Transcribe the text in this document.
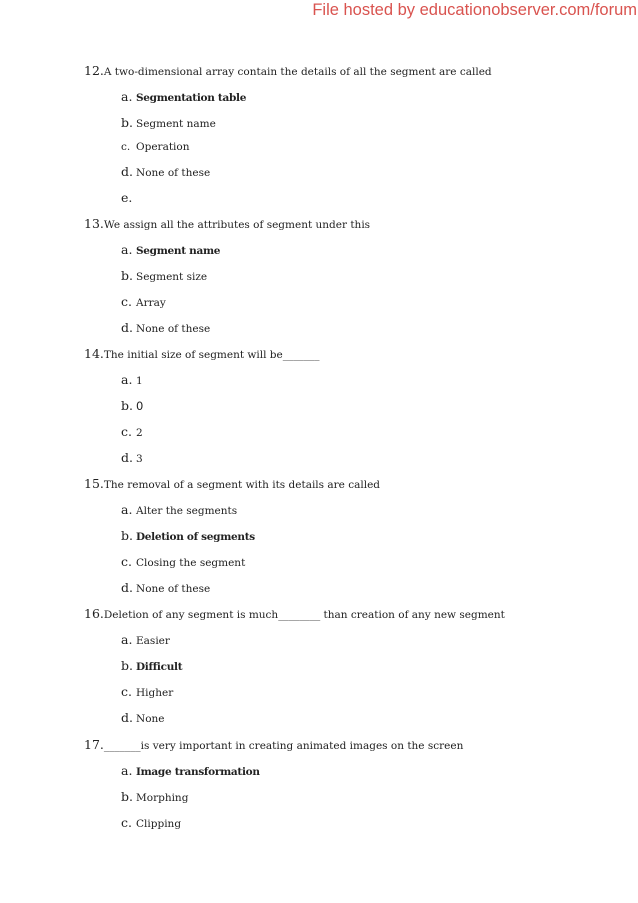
File hosted by educationobserver.com/forum
12.A two-dimensional array contain the details of all the segment are called
a. Segmentation table
b. Segment name
c. Operation
d. None of these
e.
13.We assign all the attributes of segment under this
a. Segment name
b. Segment size
c. Array
d. None of these
14.The initial size of segment will be_______
a. 1
b. 0
c. 2
d. 3
15.The removal of a segment with its details are called
a. Alter the segments
b. Deletion of segments
c. Closing the segment
d. None of these
16.Deletion of any segment is much________ than creation of any new segment
a. Easier
b. Difficult
c. Higher
d. None
17._______is very important in creating animated images on the screen
a. Image transformation
b. Morphing
c. Clipping
